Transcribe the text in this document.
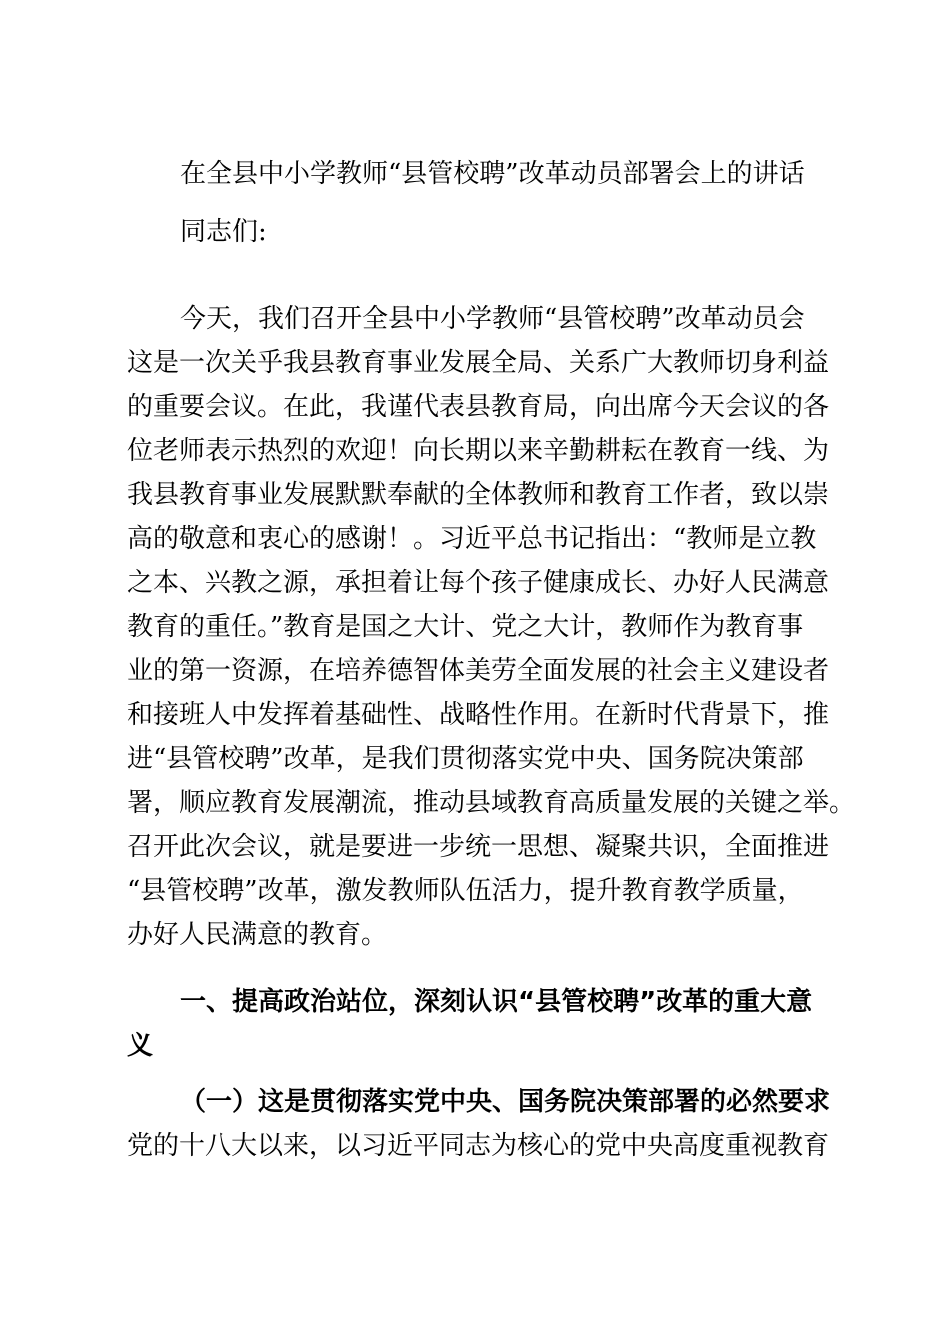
在全县中小学教师“县管校聘”改革动员部署会上的讲话
同志们:
今天，我们召开全县中小学教师“县管校聘”改革动员会
这是一次关乎我县教育事业发展全局、关系广大教师切身利益
的重要会议。在此，我谨代表县教育局，向出席今天会议的各
位老师表示热烈的欢迎！向长期以来辛勤耕耘在教育一线、为
我县教育事业发展默默奉献的全体教师和教育工作者，致以崇
高的敬意和衷心的感谢！。习近平总书记指出：“教师是立教
之本、兴教之源，承担着让每个孩子健康成长、办好人民满意
教育的重任。”教育是国之大计、党之大计，教师作为教育事
业的第一资源，在培养德智体美劳全面发展的社会主义建设者
和接班人中发挥着基础性、战略性作用。在新时代背景下，推
进“县管校聘”改革，是我们贯彻落实党中央、国务院决策部
署，顺应教育发展潮流，推动县域教育高质量发展的关键之举。
召开此次会议，就是要进一步统一思想、凝聚共识，全面推进
“县管校聘”改革，激发教师队伍活力，提升教育教学质量，
办好人民满意的教育。
一、提高政治站位，深刻认识“县管校聘”改革的重大意
义
（一）这是贯彻落实党中央、国务院决策部署的必然要求
党的十八大以来，以习近平同志为核心的党中央高度重视教育
